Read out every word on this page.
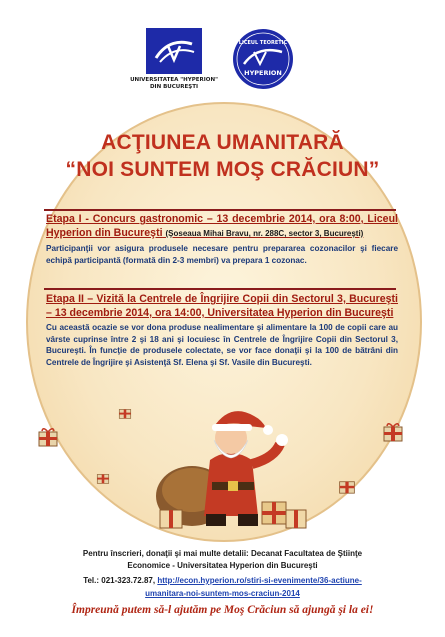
UNIVERSITATEA "HYPERION"
DIN BUCUREŞTI
LICEUL TEORETIC
HYPERION
ACŢIUNEA UMANITARĂ
“NOI SUNTEM MOŞ CRĂCIUN”
Etapa I - Concurs gastronomic – 13 decembrie 2014, ora 8:00, Liceul Hyperion din Bucureşti (Şoseaua Mihai Bravu, nr. 288C, sector 3, Bucureşti)
Participanţii vor asigura produsele necesare pentru prepararea cozonacilor şi fiecare echipă participantă (formată din 2-3 membri) va prepara 1 cozonac.
Etapa II – Vizită la Centrele de Îngrijire Copii din Sectorul 3, Bucureşti – 13 decembrie 2014, ora 14:00, Universitatea Hyperion din Bucureşti
Cu această ocazie se vor dona produse nealimentare şi alimentare la 100 de copii care au vârste cuprinse între 2 şi 18 ani şi locuiesc în Centrele de Îngrijire Copii din Sectorul 3, Bucureşti. În funcţie de produsele colectate, se vor face donaţii şi la 100 de bătrâni din Centrele de Îngrijire şi Asistenţă Sf. Elena şi Sf. Vasile din Bucureşti.
Pentru înscrieri, donaţii şi mai multe detalii: Decanat Facultatea de Ştiinţe
Economice - Universitatea Hyperion din Bucureşti
Tel.: 021-323.72.87, http://econ.hyperion.ro/stiri-si-evenimente/36-actiune-
umanitara-noi-suntem-mos-craciun-2014
Împreună putem să-l ajutăm pe Moş Crăciun să ajungă şi la ei!
